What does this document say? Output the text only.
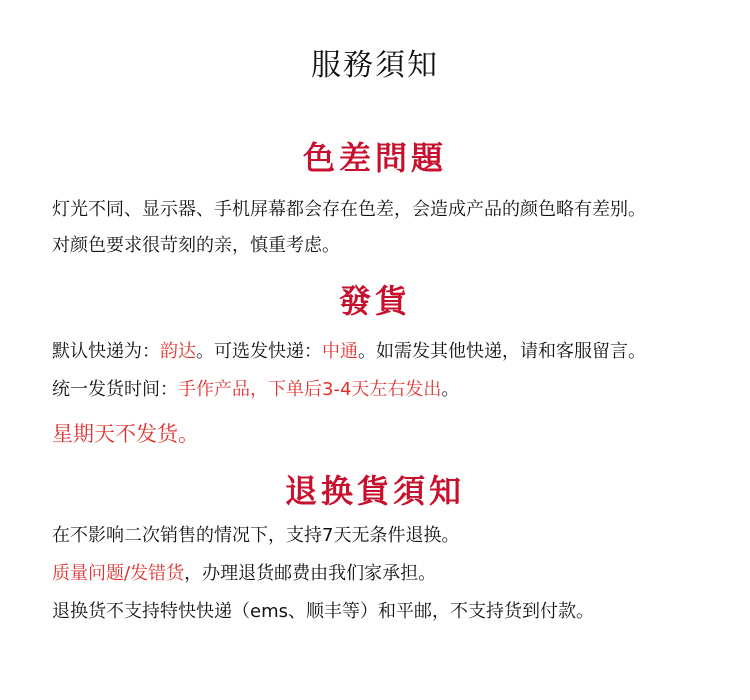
服務須知
色差問題
灯光不同、显示器、手机屏幕都会存在色差，会造成产品的颜色略有差别。
对颜色要求很苛刻的亲，慎重考虑。
發貨
默认快递为：韵达。可选发快递：中通。如需发其他快递，请和客服留言。
统一发货时间：手作产品，下单后3-4天左右发出。
星期天不发货。
退换貨須知
在不影响二次销售的情况下，支持7天无条件退换。
质量问题/发错货，办理退货邮费由我们家承担。
退换货不支持特快快递（ems、顺丰等）和平邮，不支持货到付款。
